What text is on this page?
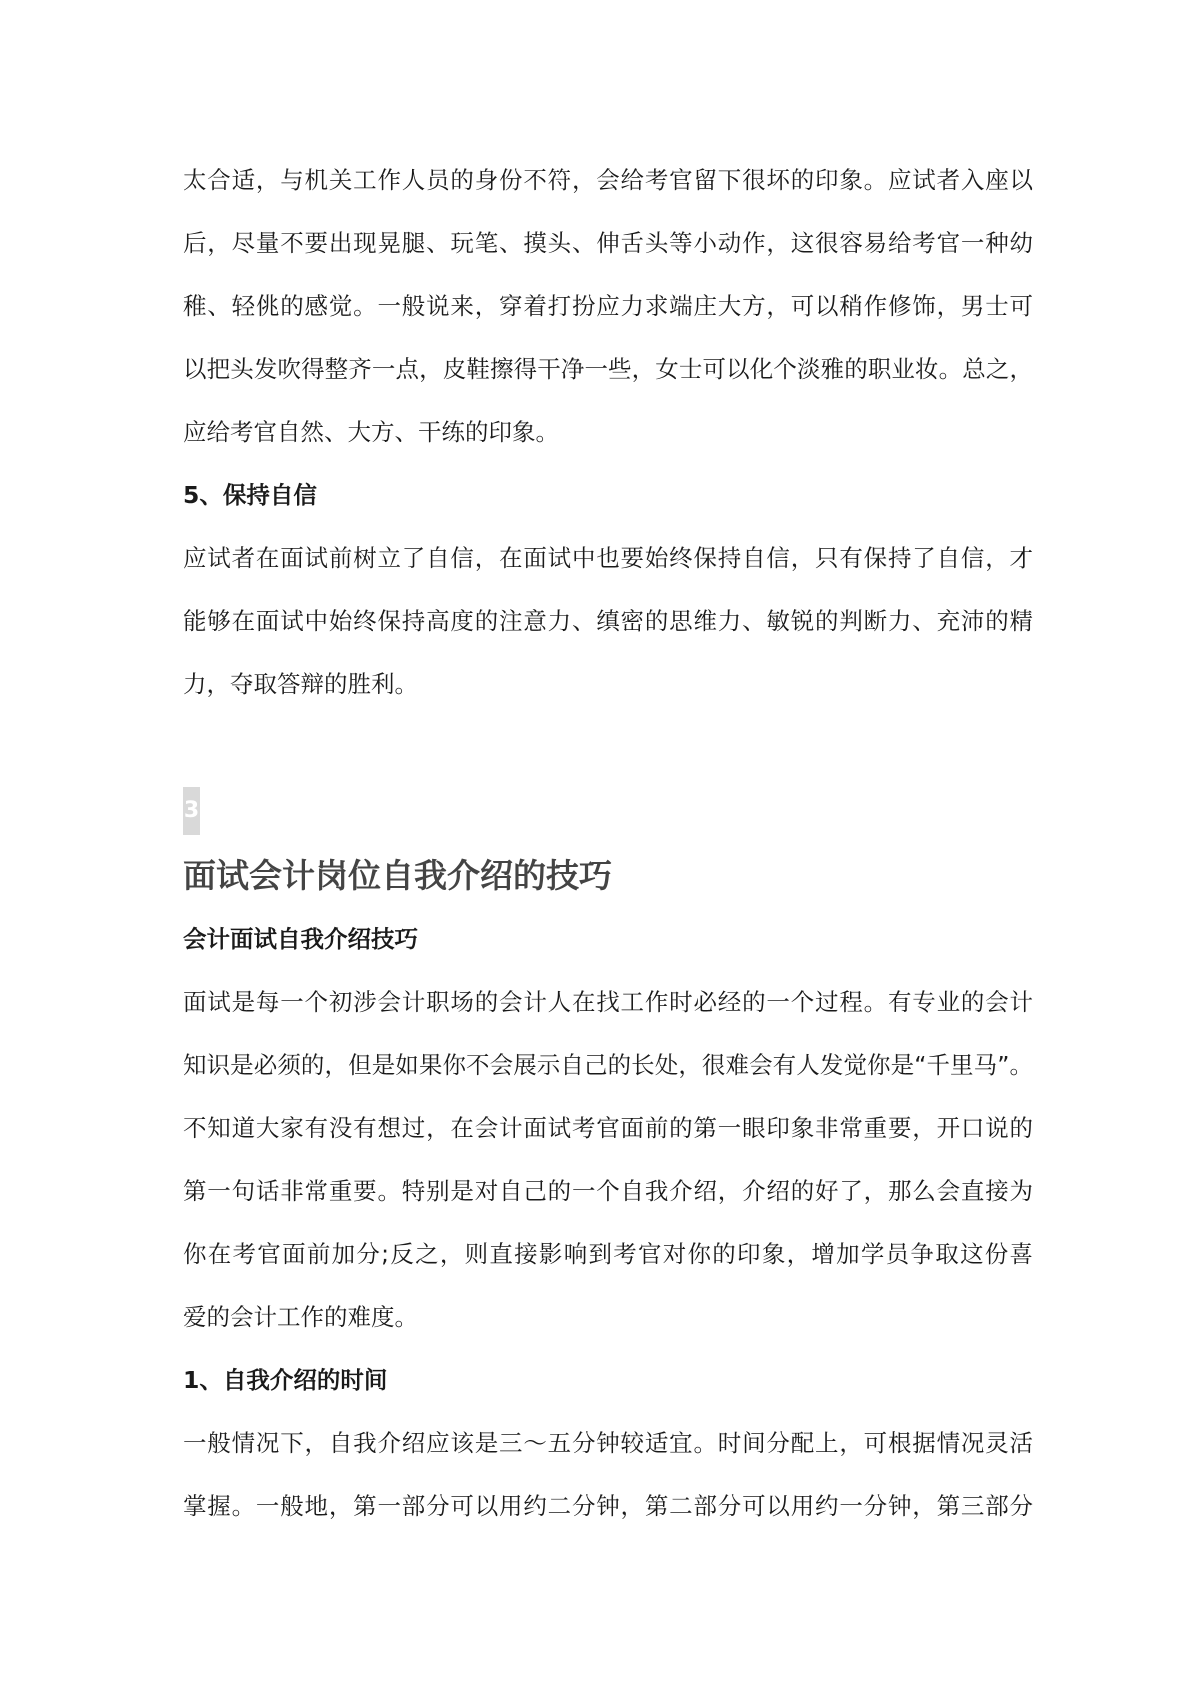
太合适，与机关工作人员的身份不符，会给考官留下很坏的印象。应试者入座以
后，尽量不要出现晃腿、玩笔、摸头、伸舌头等小动作，这很容易给考官一种幼
稚、轻佻的感觉。一般说来，穿着打扮应力求端庄大方，可以稍作修饰，男士可
以把头发吹得整齐一点，皮鞋擦得干净一些，女士可以化个淡雅的职业妆。总之，
应给考官自然、大方、干练的印象。
5、保持自信
应试者在面试前树立了自信，在面试中也要始终保持自信，只有保持了自信，才
能够在面试中始终保持高度的注意力、缜密的思维力、敏锐的判断力、充沛的精
力，夺取答辩的胜利。
3
面试会计岗位自我介绍的技巧
会计面试自我介绍技巧
面试是每一个初涉会计职场的会计人在找工作时必经的一个过程。有专业的会计
知识是必须的，但是如果你不会展示自己的长处，很难会有人发觉你是“千里马”。
不知道大家有没有想过，在会计面试考官面前的第一眼印象非常重要，开口说的
第一句话非常重要。特别是对自己的一个自我介绍，介绍的好了，那么会直接为
你在考官面前加分;反之，则直接影响到考官对你的印象，增加学员争取这份喜
爱的会计工作的难度。
1、自我介绍的时间
一般情况下，自我介绍应该是三～五分钟较适宜。时间分配上，可根据情况灵活
掌握。一般地，第一部分可以用约二分钟，第二部分可以用约一分钟，第三部分
